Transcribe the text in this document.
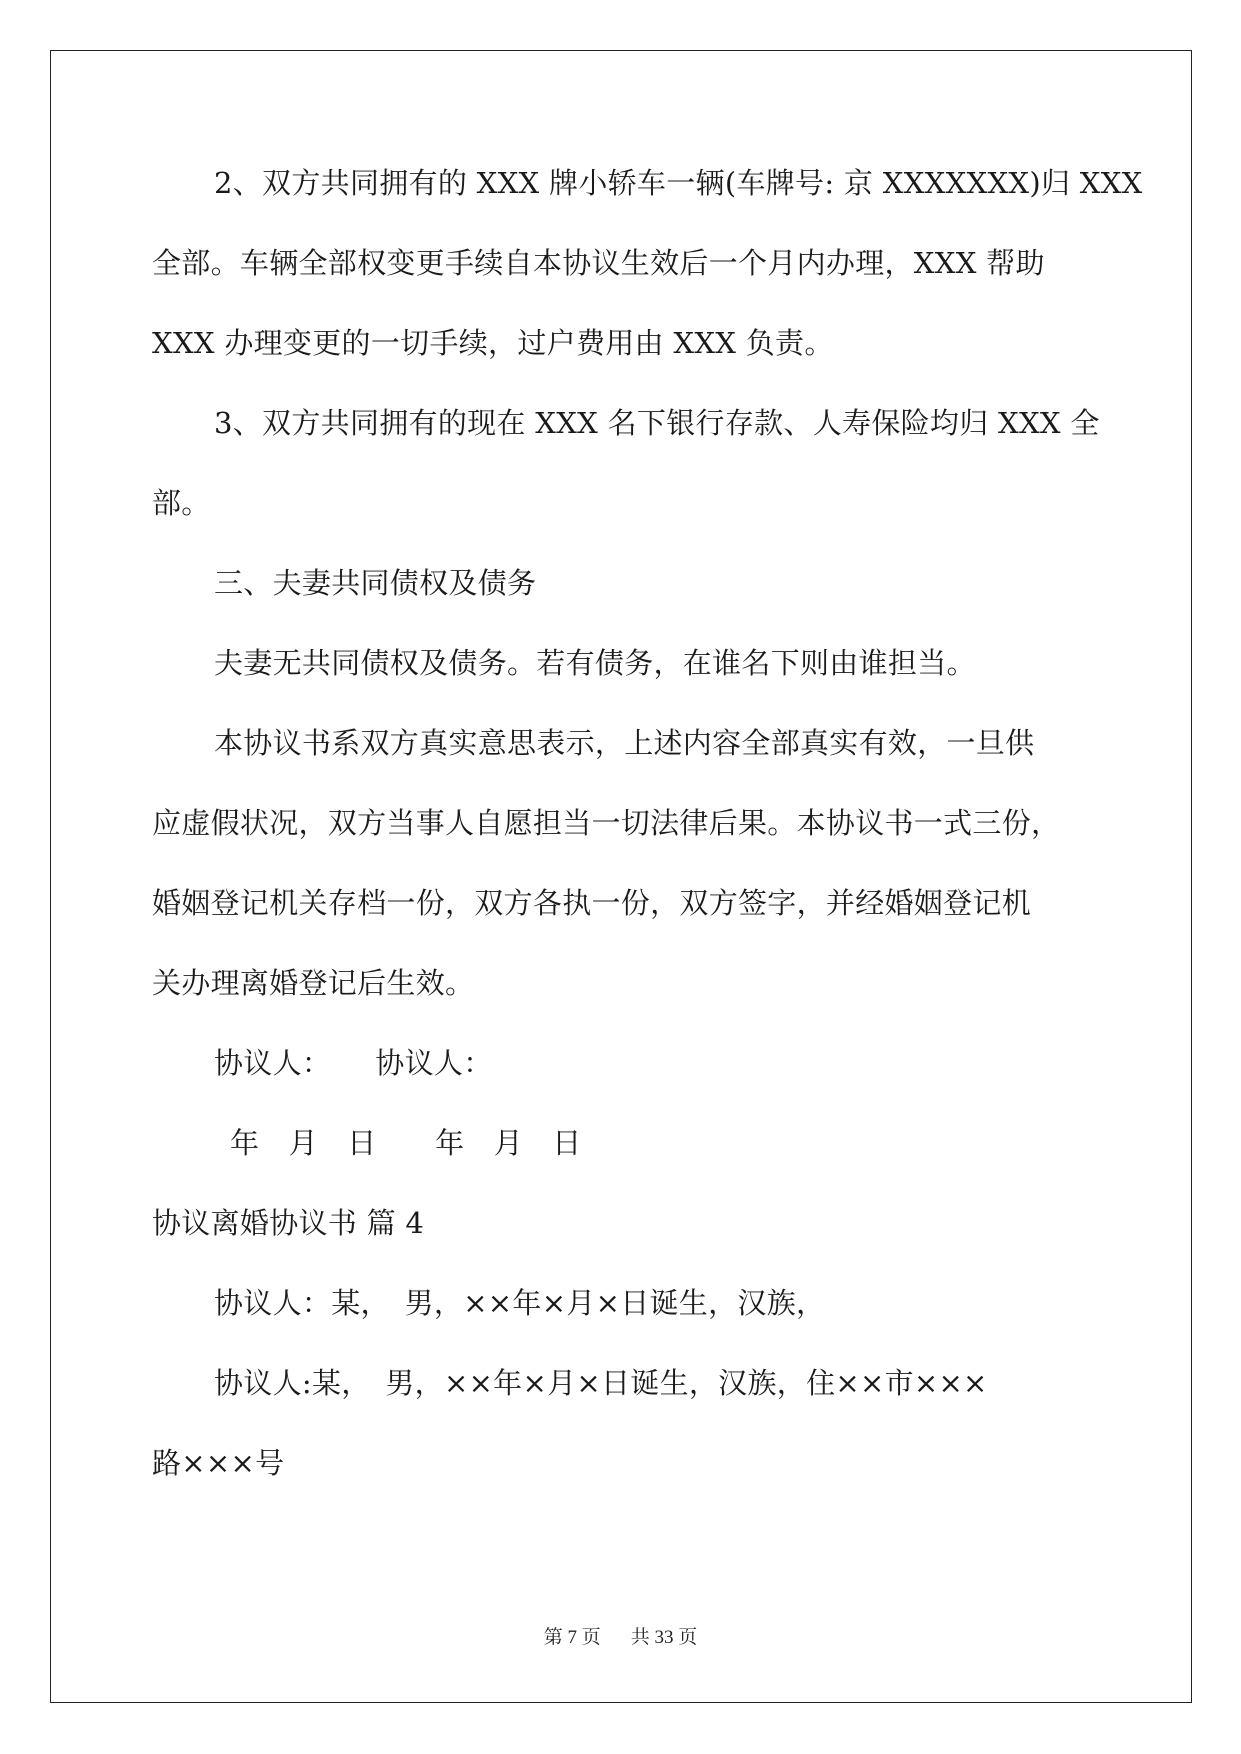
2、双方共同拥有的 XXX 牌小轿车一辆(车牌号: 京 XXXXXXX)归 XXX
全部。车辆全部权变更手续自本协议生效后一个月内办理，XXX 帮助
XXX 办理变更的一切手续，过户费用由 XXX 负责。
3、双方共同拥有的现在 XXX 名下银行存款、人寿保险均归 XXX 全
部。
三、夫妻共同债权及债务
夫妻无共同债权及债务。若有债务，在谁名下则由谁担当。
本协议书系双方真实意思表示，上述内容全部真实有效，一旦供
应虚假状况，双方当事人自愿担当一切法律后果。本协议书一式三份，
婚姻登记机关存档一份，双方各执一份，双方签字，并经婚姻登记机
关办理离婚登记后生效。
协议人：　　协议人：
年　月　日　　年　月　日
协议离婚协议书 篇 4
协议人：某，　男，××年×月×日诞生，汉族，
协议人:某，　男，××年×月×日诞生，汉族，住××市×××
路×××号
第 7 页 共 33 页
